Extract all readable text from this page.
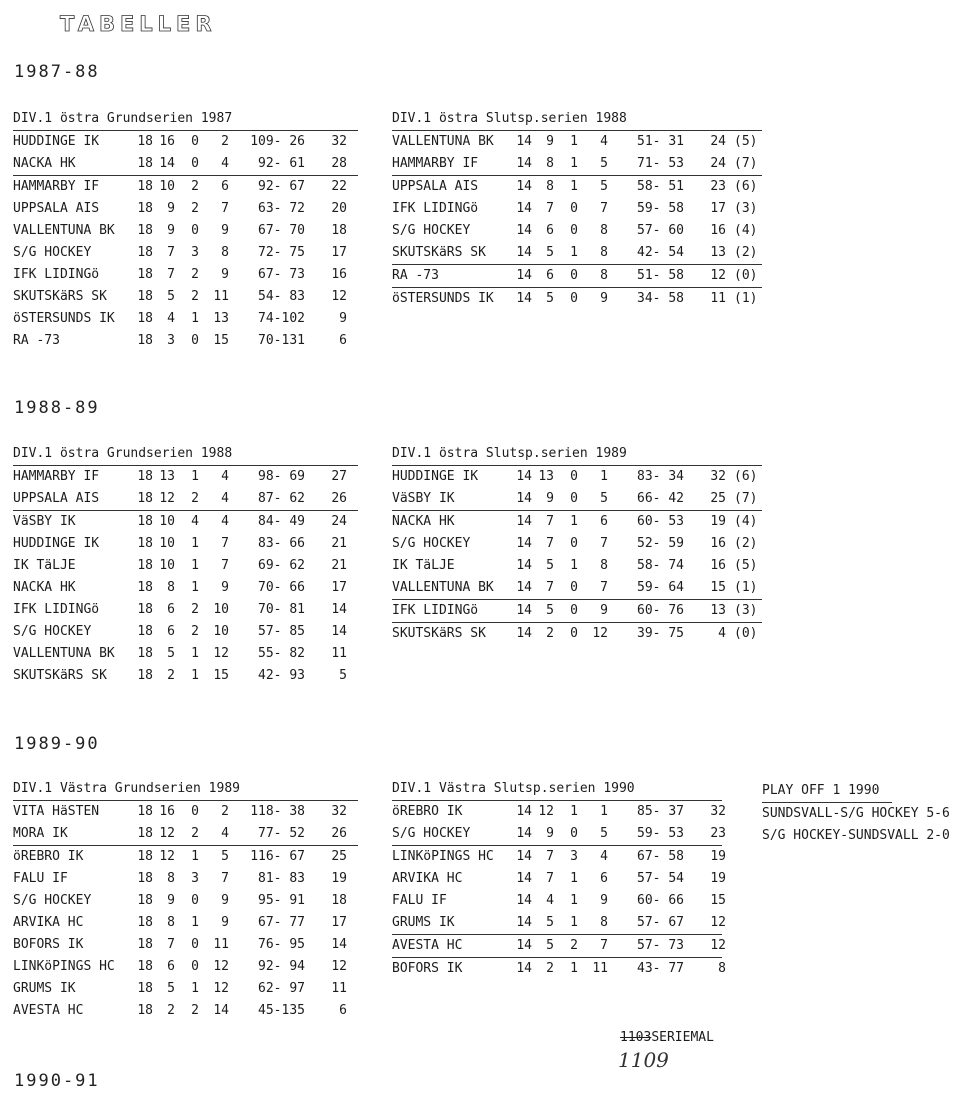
TABELLER
1987-88
1988-89
1989-90
1990-91
DIV.1 östra Grundserien 1987
HUDDINGE IK	18 16	0	2 109- 26	32
NACKA HK	18 14	0	4	92- 61	28
HAMMARBY IF	18 10	2	6	92- 67	22
UPPSALA AIS	18	9	2	7	63- 72	20
VALLENTUNA BK	18	9	0	9	67- 70	18
S/G HOCKEY	18	7	3	8	72- 75	17
IFK LIDINGö	18	7	2	9	67- 73	16
SKUTSKäRS SK	18	5	2	11	54- 83	12
öSTERSUNDS IK	18	4	1	13	74-102	9
RA -73	18	3	0	15	70-131	6
DIV.1 östra Slutsp.serien 1988
VALLENTUNA BK	14	9	1	4	51- 31	24 (5)
HAMMARBY IF	14	8	1	5	71- 53	24 (7)
UPPSALA AIS	14	8	1	5	58- 51	23 (6)
IFK LIDINGö	14	7	0	7	59- 58	17 (3)
S/G HOCKEY	14	6	0	8	57- 60	16 (4)
SKUTSKäRS SK	14	5	1	8	42- 54	13 (2)
RA -73	14	6	0	8	51- 58	12 (0)
öSTERSUNDS IK	14	5	0	9	34- 58	11 (1)
DIV.1 östra Grundserien 1988
HAMMARBY IF	18 13	1	4	98- 69	27
UPPSALA AIS	18 12	2	4	87- 62	26
VäSBY IK	18 10	4	4	84- 49	24
HUDDINGE IK	18 10	1	7	83- 66	21
IK TäLJE	18 10	1	7	69- 62	21
NACKA HK	18	8	1	9	70- 66	17
IFK LIDINGö	18	6	2	10	70- 81	14
S/G HOCKEY	18	6	2	10	57- 85	14
VALLENTUNA BK	18	5	1	12	55- 82	11
SKUTSKäRS SK	18	2	1	15	42- 93	5
DIV.1 östra Slutsp.serien 1989
HUDDINGE IK	14 13	0	1	83- 34	32 (6)
VäSBY IK	14	9	0	5	66- 42	25 (7)
NACKA HK	14	7	1	6	60- 53	19 (4)
S/G HOCKEY	14	7	0	7	52- 59	16 (2)
IK TäLJE	14	5	1	8	58- 74	16 (5)
VALLENTUNA BK	14	7	0	7	59- 64	15 (1)
IFK LIDINGö	14	5	0	9	60- 76	13 (3)
SKUTSKäRS SK	14	2	0	12	39- 75	4 (0)
DIV.1 Västra Grundserien 1989
VITA HäSTEN	18 16	0	2 118- 38	32
MORA IK	18 12	2	4	77- 52	26
öREBRO IK	18 12	1	5 116- 67	25
FALU IF	18	8	3	7	81- 83	19
S/G HOCKEY	18	9	0	9	95- 91	18
ARVIKA HC	18	8	1	9	67- 77	17
BOFORS IK	18	7	0	11	76- 95	14
LINKöPINGS HC	18	6	0	12	92- 94	12
GRUMS IK	18	5	1	12	62- 97	11
AVESTA HC	18	2	2	14	45-135	6
DIV.1 Västra Slutsp.serien 1990
öREBRO IK	14 12	1	1	85- 37	32
S/G HOCKEY	14	9	0	5	59- 53	23
LINKöPINGS HC	14	7	3	4	67- 58	19
ARVIKA HC	14	7	1	6	57- 54	19
FALU IF	14	4	1	9	60- 66	15
GRUMS IK	14	5	1	8	57- 67	12
AVESTA HC	14	5	2	7	57- 73	12
BOFORS IK	14	2	1	11	43- 77	8
PLAY OFF 1 1990
SUNDSVALL-S/G HOCKEY 5-6
S/G HOCKEY-SUNDSVALL 2-0
1103SERIEMAL
1109
